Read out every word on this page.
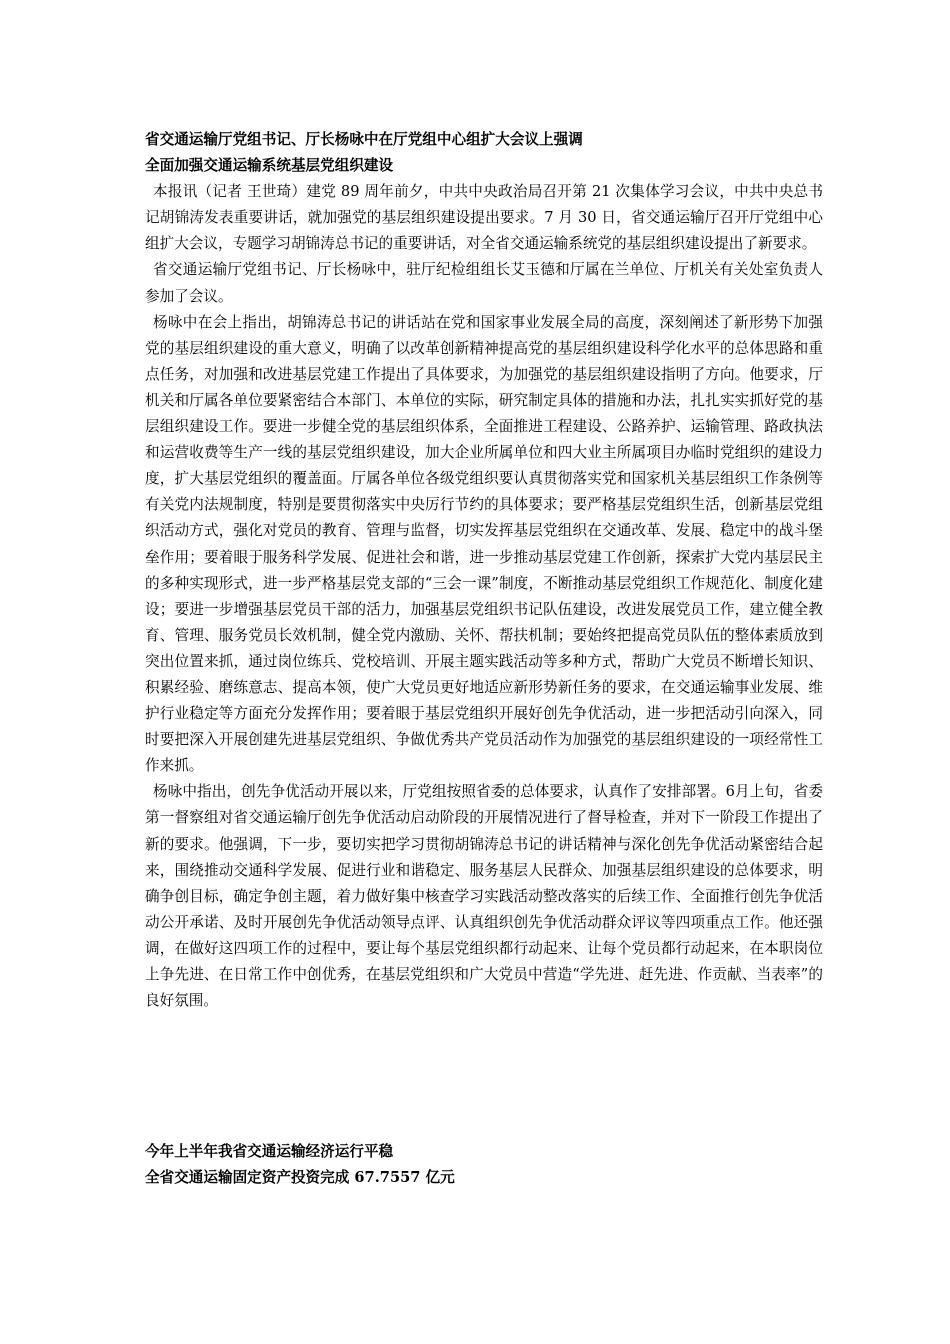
省交通运输厅党组书记、厅长杨咏中在厅党组中心组扩大会议上强调

全面加强交通运输系统基层党组织建设

本报讯（记者 王世琦）建党 89 周年前夕，中共中央政治局召开第 21 次集体学习会议，中共中央总书记胡锦涛发表重要讲话，就加强党的基层组织建设提出要求。7 月 30 日，省交通运输厅召开厅党组中心组扩大会议，专题学习胡锦涛总书记的重要讲话，对全省交通运输系统党的基层组织建设提出了新要求。

省交通运输厅党组书记、厅长杨咏中，驻厅纪检组组长艾玉德和厅属在兰单位、厅机关有关处室负责人参加了会议。

杨咏中在会上指出，胡锦涛总书记的讲话站在党和国家事业发展全局的高度，深刻阐述了新形势下加强党的基层组织建设的重大意义，明确了以改革创新精神提高党的基层组织建设科学化水平的总体思路和重点任务，对加强和改进基层党建工作提出了具体要求，为加强党的基层组织建设指明了方向。他要求，厅机关和厅属各单位要紧密结合本部门、本单位的实际，研究制定具体的措施和办法，扎扎实实抓好党的基层组织建设工作。要进一步健全党的基层组织体系，全面推进工程建设、公路养护、运输管理、路政执法和运营收费等生产一线的基层党组织建设，加大企业所属单位和四大业主所属项目办临时党组织的建设力度，扩大基层党组织的覆盖面。厅属各单位各级党组织要认真贯彻落实党和国家机关基层组织工作条例等有关党内法规制度，特别是要贯彻落实中央厉行节约的具体要求；要严格基层党组织生活，创新基层党组织活动方式，强化对党员的教育、管理与监督，切实发挥基层党组织在交通改革、发展、稳定中的战斗堡垒作用；要着眼于服务科学发展、促进社会和谐，进一步推动基层党建工作创新，探索扩大党内基层民主的多种实现形式，进一步严格基层党支部的“三会一课”制度，不断推动基层党组织工作规范化、制度化建设；要进一步增强基层党员干部的活力，加强基层党组织书记队伍建设，改进发展党员工作，建立健全教育、管理、服务党员长效机制，健全党内激励、关怀、帮扶机制；要始终把提高党员队伍的整体素质放到突出位置来抓，通过岗位练兵、党校培训、开展主题实践活动等多种方式，帮助广大党员不断增长知识、积累经验、磨练意志、提高本领，使广大党员更好地适应新形势新任务的要求，在交通运输事业发展、维护行业稳定等方面充分发挥作用；要着眼于基层党组织开展好创先争优活动，进一步把活动引向深入，同时要把深入开展创建先进基层党组织、争做优秀共产党员活动作为加强党的基层组织建设的一项经常性工作来抓。

杨咏中指出，创先争优活动开展以来，厅党组按照省委的总体要求，认真作了安排部署。6月上旬，省委第一督察组对省交通运输厅创先争优活动启动阶段的开展情况进行了督导检查，并对下一阶段工作提出了新的要求。他强调，下一步，要切实把学习贯彻胡锦涛总书记的讲话精神与深化创先争优活动紧密结合起来，围绕推动交通科学发展、促进行业和谐稳定、服务基层人民群众、加强基层组织建设的总体要求，明确争创目标，确定争创主题，着力做好集中核查学习实践活动整改落实的后续工作、全面推行创先争优活动公开承诺、及时开展创先争优活动领导点评、认真组织创先争优活动群众评议等四项重点工作。他还强调，在做好这四项工作的过程中，要让每个基层党组织都行动起来、让每个党员都行动起来，在本职岗位上争先进、在日常工作中创优秀，在基层党组织和广大党员中营造“学先进、赶先进、作贡献、当表率”的良好氛围。

今年上半年我省交通运输经济运行平稳

全省交通运输固定资产投资完成 67.7557 亿元
